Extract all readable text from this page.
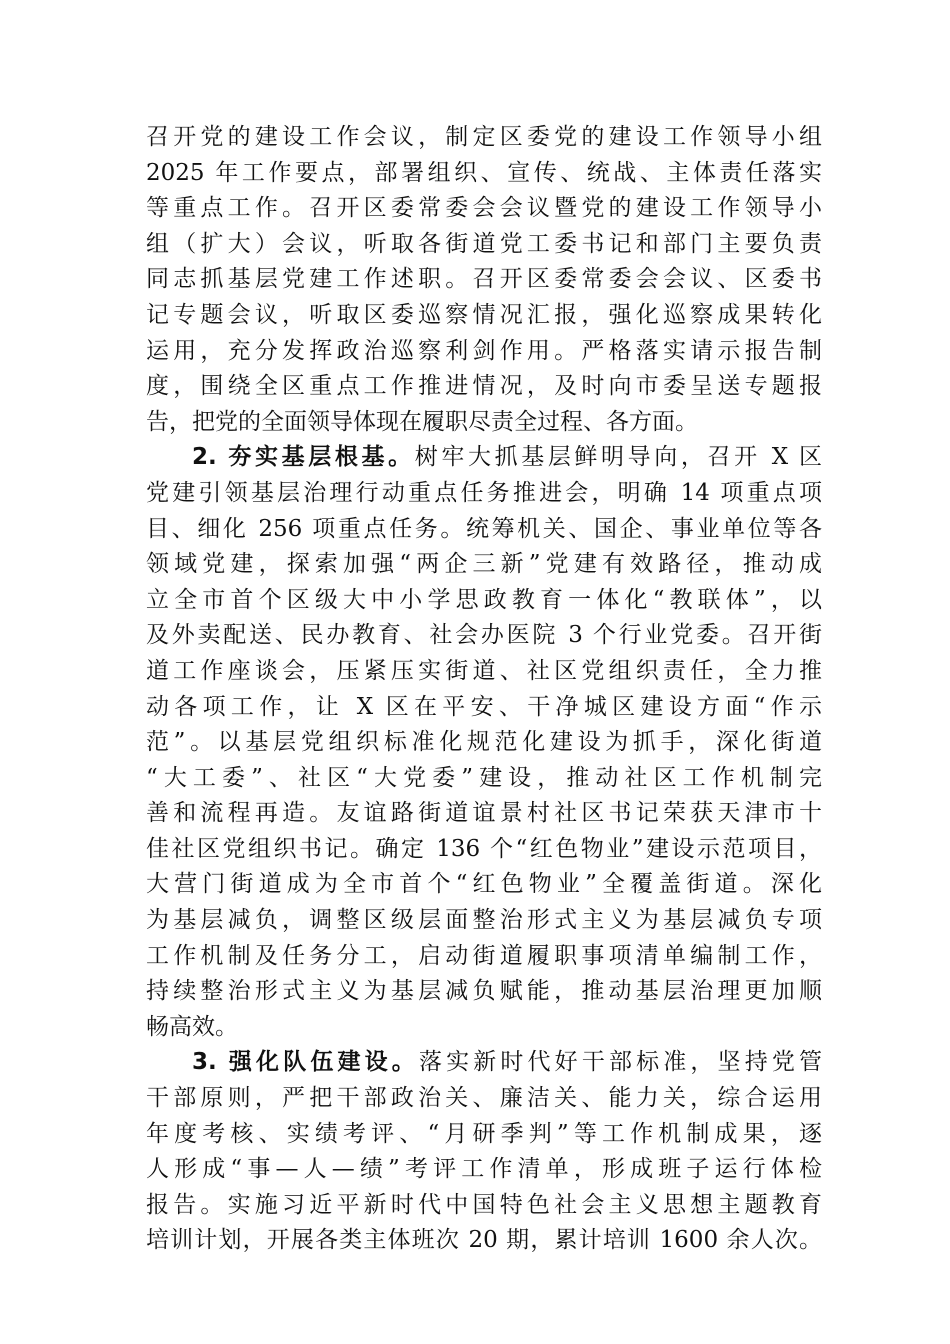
召开党的建设工作会议，制定区委党的建设工作领导小组
2025 年工作要点，部署组织、宣传、统战、主体责任落实
等重点工作。召开区委常委会会议暨党的建设工作领导小
组（扩大）会议，听取各街道党工委书记和部门主要负责
同志抓基层党建工作述职。召开区委常委会会议、区委书
记专题会议，听取区委巡察情况汇报，强化巡察成果转化
运用，充分发挥政治巡察利剑作用。严格落实请示报告制
度，围绕全区重点工作推进情况，及时向市委呈送专题报
告，把党的全面领导体现在履职尽责全过程、各方面。
2. 夯实基层根基。树牢大抓基层鲜明导向，召开 X 区
党建引领基层治理行动重点任务推进会，明确 14 项重点项
目、细化 256 项重点任务。统筹机关、国企、事业单位等各
领域党建，探索加强“两企三新”党建有效路径，推动成
立全市首个区级大中小学思政教育一体化“教联体”，以
及外卖配送、民办教育、社会办医院 3 个行业党委。召开街
道工作座谈会，压紧压实街道、社区党组织责任，全力推
动各项工作，让 X 区在平安、干净城区建设方面“作示
范”。以基层党组织标准化规范化建设为抓手，深化街道
“大工委”、社区“大党委”建设，推动社区工作机制完
善和流程再造。友谊路街道谊景村社区书记荣获天津市十
佳社区党组织书记。确定 136 个“红色物业”建设示范项目，
大营门街道成为全市首个“红色物业”全覆盖街道。深化
为基层减负，调整区级层面整治形式主义为基层减负专项
工作机制及任务分工，启动街道履职事项清单编制工作，
持续整治形式主义为基层减负赋能，推动基层治理更加顺
畅高效。
3. 强化队伍建设。落实新时代好干部标准，坚持党管
干部原则，严把干部政治关、廉洁关、能力关，综合运用
年度考核、实绩考评、“月研季判”等工作机制成果，逐
人形成“事—人—绩”考评工作清单，形成班子运行体检
报告。实施习近平新时代中国特色社会主义思想主题教育
培训计划，开展各类主体班次 20 期，累计培训 1600 余人次。
